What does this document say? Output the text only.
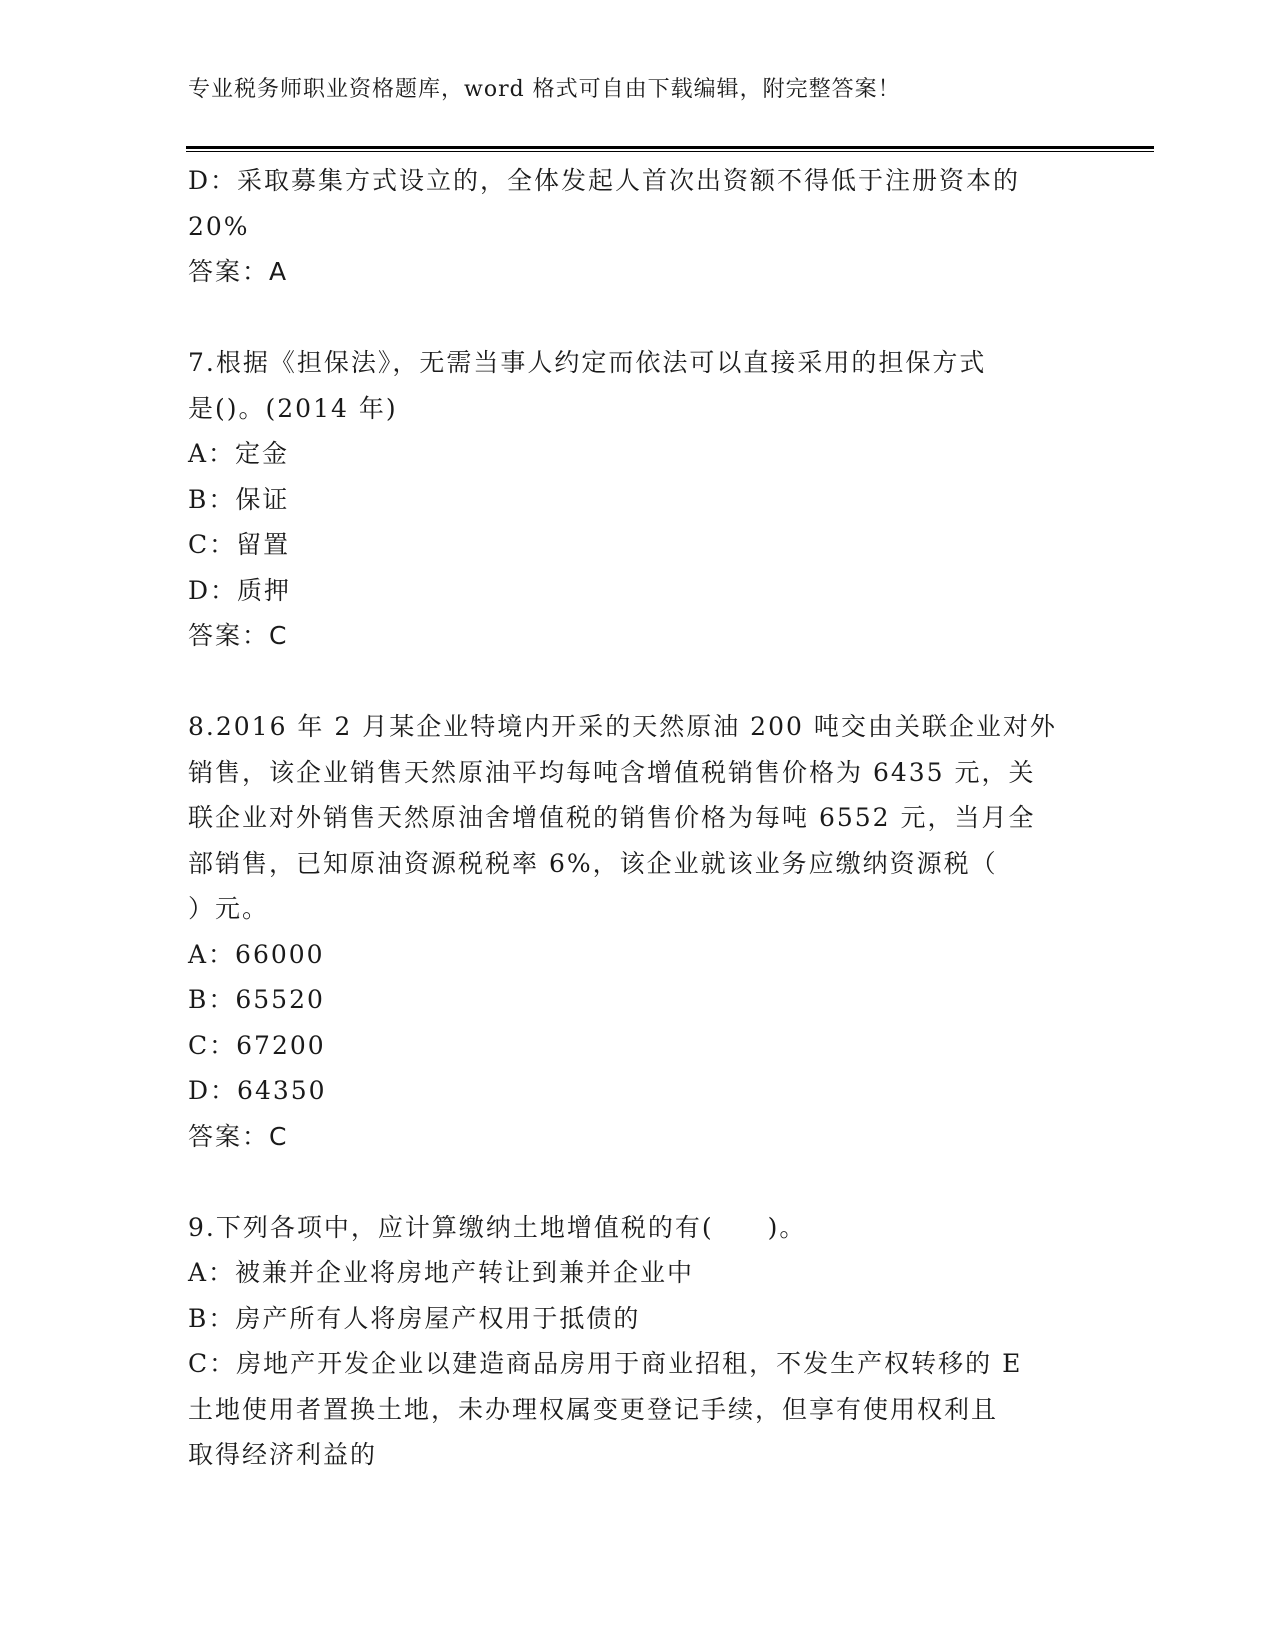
专业税务师职业资格题库，word 格式可自由下载编辑，附完整答案！
D：采取募集方式设立的，全体发起人首次出资额不得低于注册资本的
20%
答案：A
7.根据《担保法》，无需当事人约定而依法可以直接采用的担保方式
是()。(2014 年)
A：定金
B：保证
C：留置
D：质押
答案：C
8.2016 年 2 月某企业特境内开采的天然原油 200 吨交由关联企业对外
销售，该企业销售天然原油平均每吨含增值税销售价格为 6435 元，关
联企业对外销售天然原油舍增值税的销售价格为每吨 6552 元，当月全
部销售，已知原油资源税税率 6%，该企业就该业务应缴纳资源税（
）元。
A：66000
B：65520
C：67200
D：64350
答案：C
9.下列各项中，应计算缴纳土地增值税的有(　　)。
A：被兼并企业将房地产转让到兼并企业中
B：房产所有人将房屋产权用于抵债的
C：房地产开发企业以建造商品房用于商业招租，不发生产权转移的 E
土地使用者置换土地，未办理权属变更登记手续，但享有使用权利且
取得经济利益的
